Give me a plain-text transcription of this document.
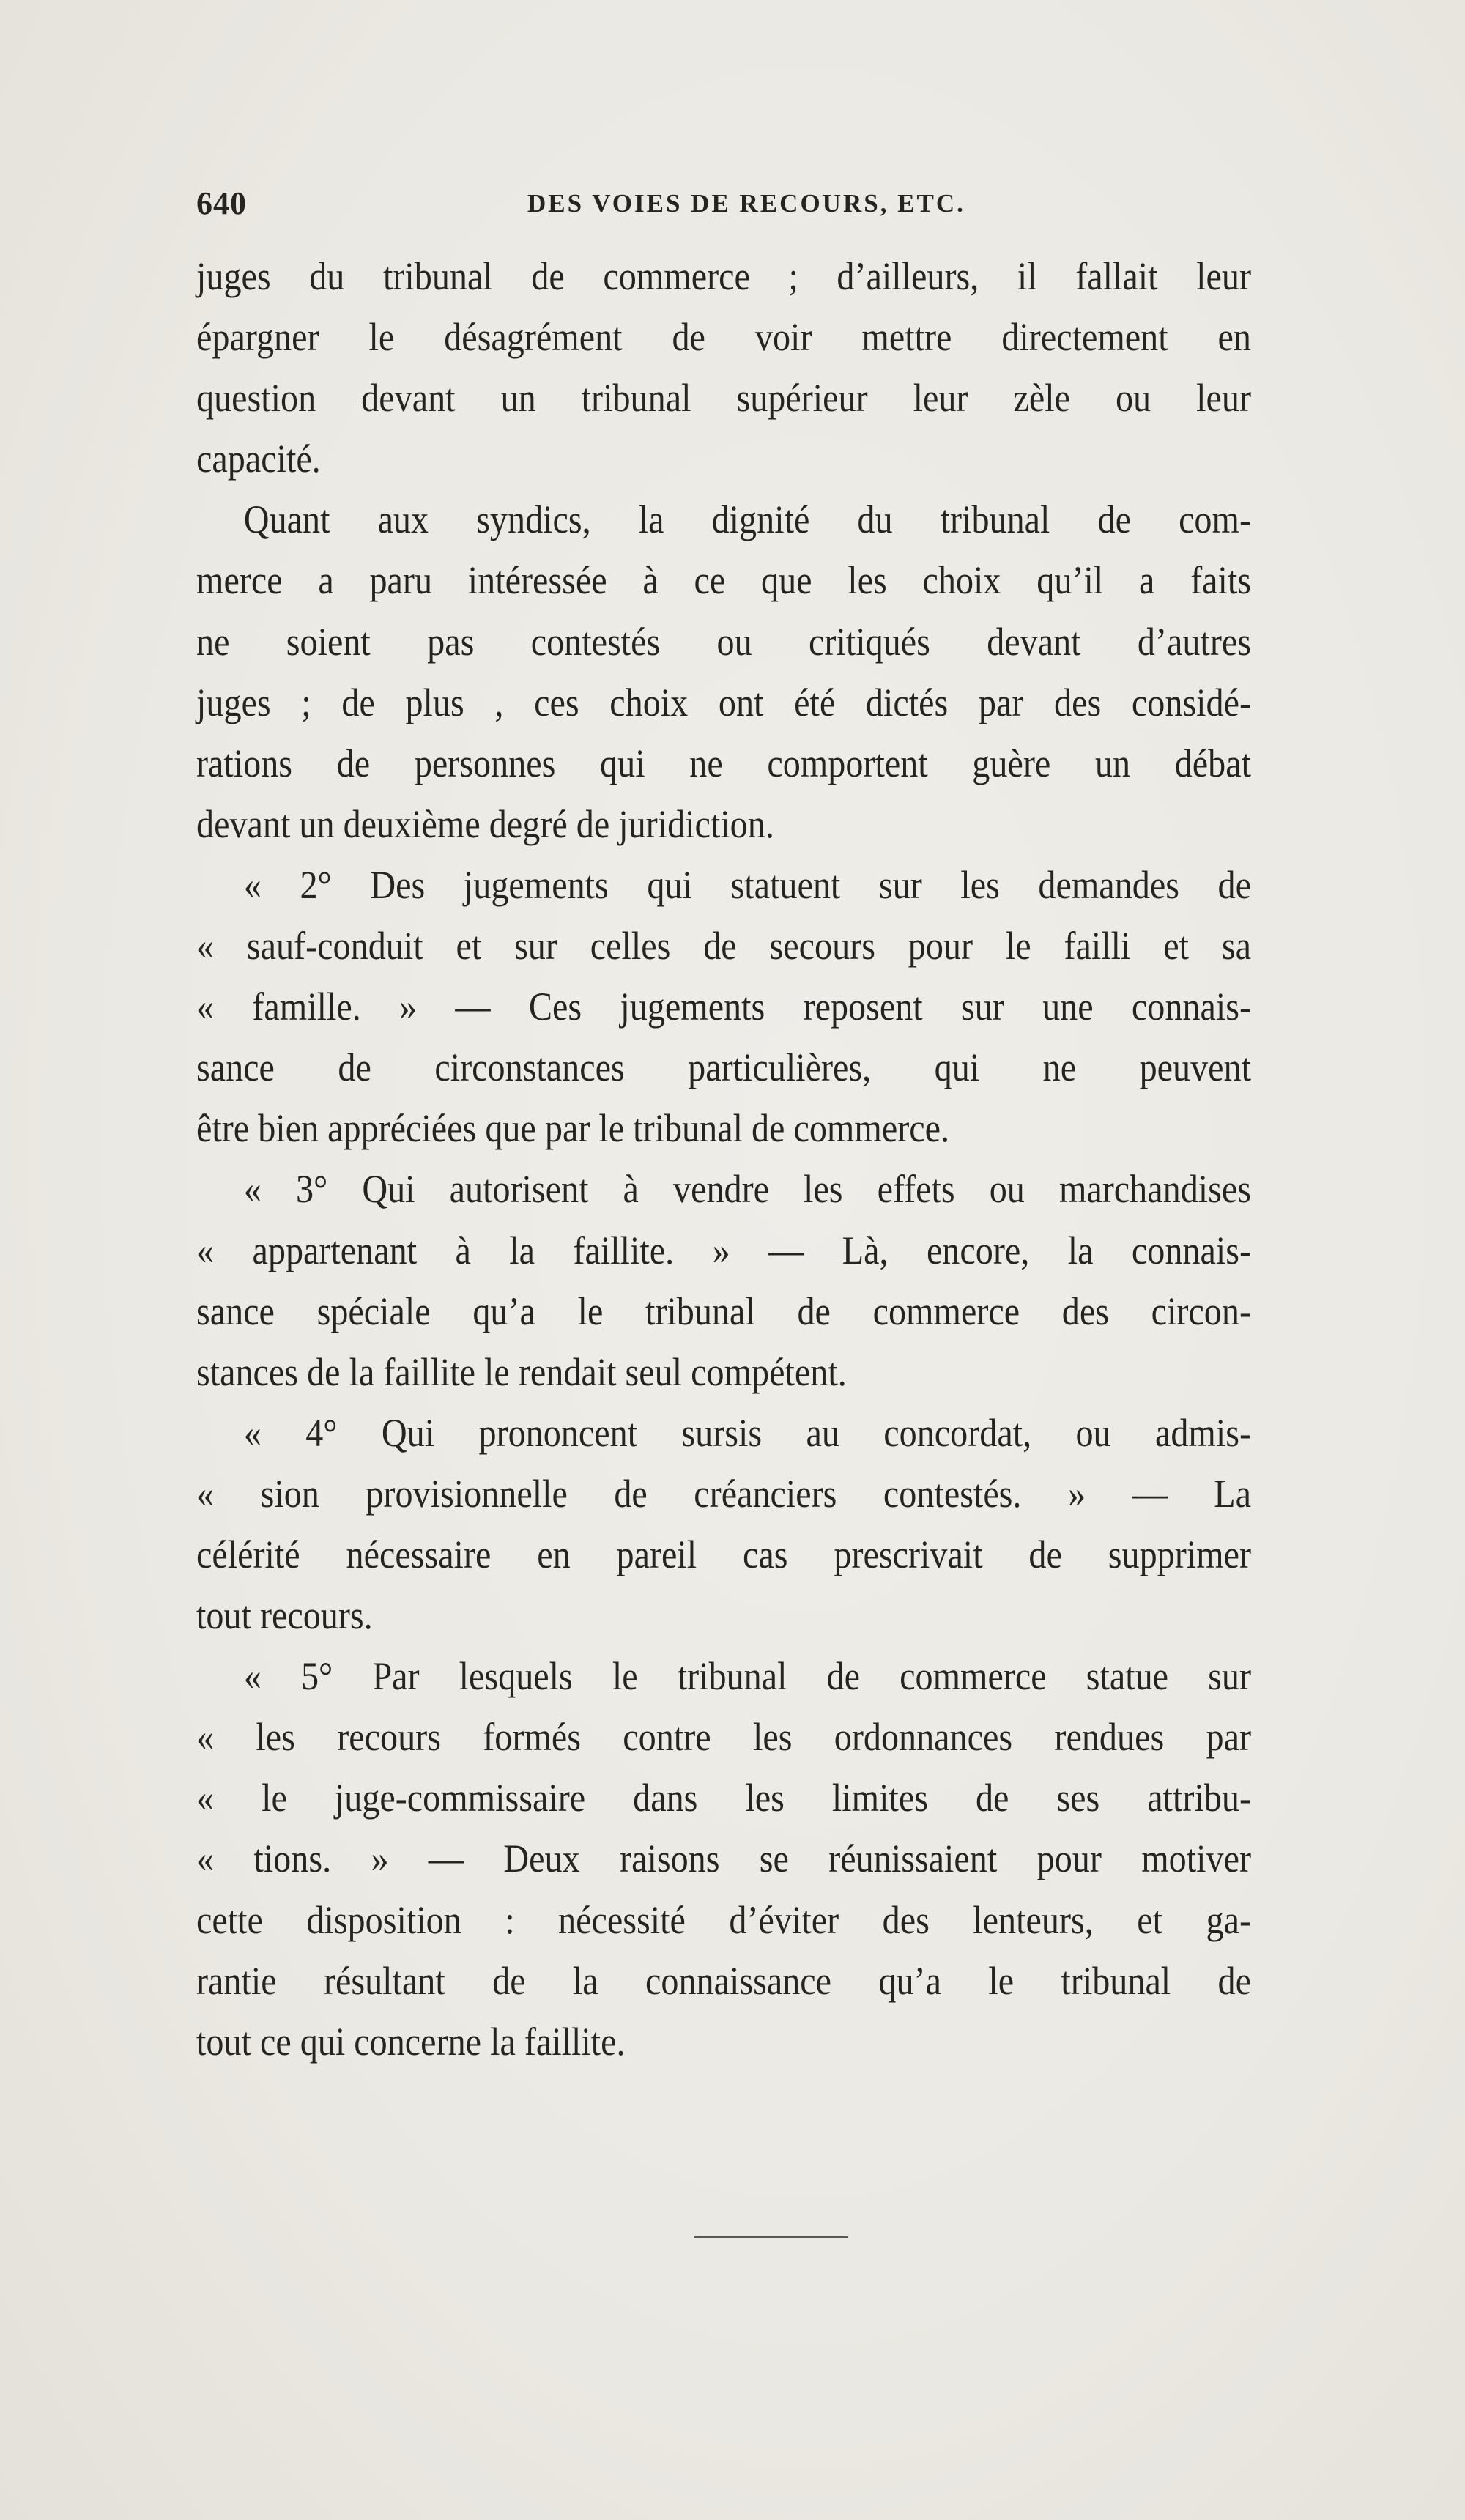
640	DES VOIES DE RECOURS, ETC.
juges du tribunal de commerce ; d’ailleurs, il fallait leur
épargner le désagrément de voir mettre directement en
question devant un tribunal supérieur leur zèle ou leur
capacité.
Quant aux syndics, la dignité du tribunal de com-
merce a paru intéressée à ce que les choix qu’il a faits
ne soient pas contestés ou critiqués devant d’autres
juges ; de plus , ces choix ont été dictés par des considé-
rations de personnes qui ne comportent guère un débat
devant un deuxième degré de juridiction.
« 2° Des jugements qui statuent sur les demandes de
« sauf-conduit et sur celles de secours pour le failli et sa
« famille. » — Ces jugements reposent sur une connais-
sance de circonstances particulières, qui ne peuvent
être bien appréciées que par le tribunal de commerce.
« 3° Qui autorisent à vendre les effets ou marchandises
« appartenant à la faillite. » — Là, encore, la connais-
sance spéciale qu’a le tribunal de commerce des circon-
stances de la faillite le rendait seul compétent.
« 4° Qui prononcent sursis au concordat, ou admis-
« sion provisionnelle de créanciers contestés. » — La
célérité nécessaire en pareil cas prescrivait de supprimer
tout recours.
« 5° Par lesquels le tribunal de commerce statue sur
« les recours formés contre les ordonnances rendues par
« le juge-commissaire dans les limites de ses attribu-
« tions. » — Deux raisons se réunissaient pour motiver
cette disposition : nécessité d’éviter des lenteurs, et ga-
rantie résultant de la connaissance qu’a le tribunal de
tout ce qui concerne la faillite.
